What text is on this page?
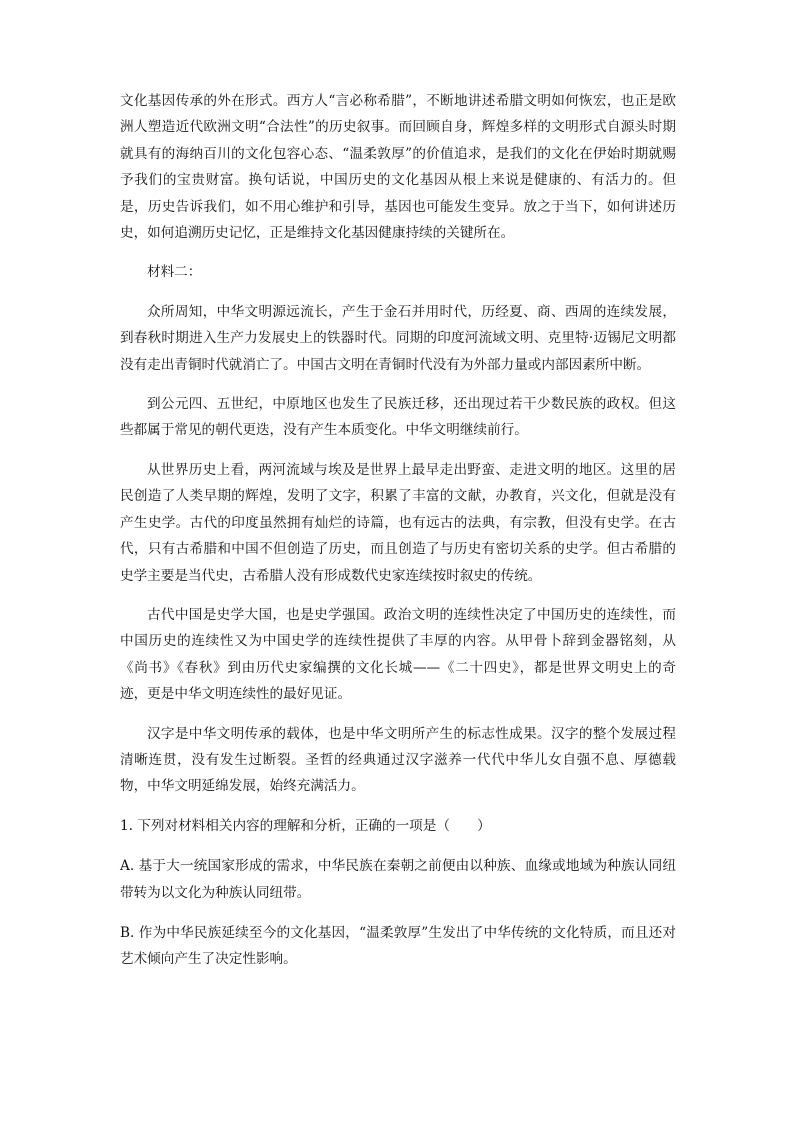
文化基因传承的外在形式。西方人“言必称希腊”，不断地讲述希腊文明如何恢宏，也正是欧洲人塑造近代欧洲文明“合法性”的历史叙事。而回顾自身，辉煌多样的文明形式自源头时期就具有的海纳百川的文化包容心态、“温柔敦厚”的价值追求，是我们的文化在伊始时期就赐予我们的宝贵财富。换句话说，中国历史的文化基因从根上来说是健康的、有活力的。但是，历史告诉我们，如不用心维护和引导，基因也可能发生变异。放之于当下，如何讲述历史，如何追溯历史记忆，正是维持文化基因健康持续的关键所在。

材料二：

众所周知，中华文明源远流长，产生于金石并用时代，历经夏、商、西周的连续发展，到春秋时期进入生产力发展史上的铁器时代。同期的印度河流域文明、克里特·迈锡尼文明都没有走出青铜时代就消亡了。中国古文明在青铜时代没有为外部力量或内部因素所中断。

到公元四、五世纪，中原地区也发生了民族迁移，还出现过若干少数民族的政权。但这些都属于常见的朝代更迭，没有产生本质变化。中华文明继续前行。

从世界历史上看，两河流域与埃及是世界上最早走出野蛮、走进文明的地区。这里的居民创造了人类早期的辉煌，发明了文字，积累了丰富的文献，办教育，兴文化，但就是没有产生史学。古代的印度虽然拥有灿烂的诗篇，也有远古的法典，有宗教，但没有史学。在古代，只有古希腊和中国不但创造了历史，而且创造了与历史有密切关系的史学。但古希腊的史学主要是当代史，古希腊人没有形成数代史家连续按时叙史的传统。

古代中国是史学大国，也是史学强国。政治文明的连续性决定了中国历史的连续性，而中国历史的连续性又为中国史学的连续性提供了丰厚的内容。从甲骨卜辞到金器铭刻，从《尚书》《春秋》到由历代史家编撰的文化长城——《二十四史》，都是世界文明史上的奇迹，更是中华文明连续性的最好见证。

汉字是中华文明传承的载体，也是中华文明所产生的标志性成果。汉字的整个发展过程清晰连贯，没有发生过断裂。圣哲的经典通过汉字滋养一代代中华儿女自强不息、厚德载物，中华文明延绵发展，始终充满活力。

1. 下列对材料相关内容的理解和分析，正确的一项是（　　）

A. 基于大一统国家形成的需求，中华民族在秦朝之前便由以种族、血缘或地域为种族认同纽带转为以文化为种族认同纽带。

B. 作为中华民族延续至今的文化基因，“温柔敦厚”生发出了中华传统的文化特质，而且还对艺术倾向产生了决定性影响。
